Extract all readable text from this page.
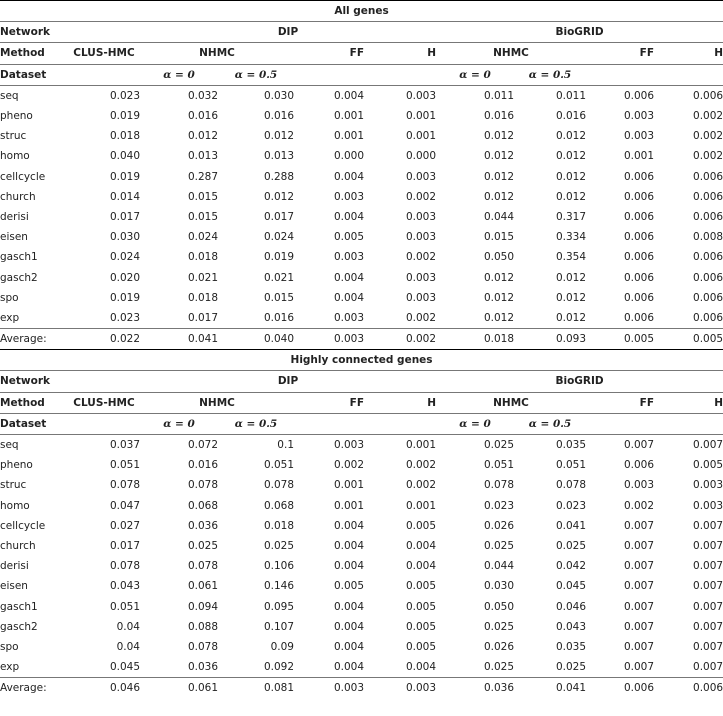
All genes									
Network		DIP				BioGRID			
Method	CLUS-HMC	NHMC		FF	H	NHMC		FF	H
Dataset		α = 0	α = 0.5			α = 0	α = 0.5		
seq	0.023	0.032	0.030	0.004	0.003	0.011	0.011	0.006	0.006
pheno	0.019	0.016	0.016	0.001	0.001	0.016	0.016	0.003	0.002
struc	0.018	0.012	0.012	0.001	0.001	0.012	0.012	0.003	0.002
homo	0.040	0.013	0.013	0.000	0.000	0.012	0.012	0.001	0.002
cellcycle	0.019	0.287	0.288	0.004	0.003	0.012	0.012	0.006	0.006
church	0.014	0.015	0.012	0.003	0.002	0.012	0.012	0.006	0.006
derisi	0.017	0.015	0.017	0.004	0.003	0.044	0.317	0.006	0.006
eisen	0.030	0.024	0.024	0.005	0.003	0.015	0.334	0.006	0.008
gasch1	0.024	0.018	0.019	0.003	0.002	0.050	0.354	0.006	0.006
gasch2	0.020	0.021	0.021	0.004	0.003	0.012	0.012	0.006	0.006
spo	0.019	0.018	0.015	0.004	0.003	0.012	0.012	0.006	0.006
exp	0.023	0.017	0.016	0.003	0.002	0.012	0.012	0.006	0.006
Average:	0.022	0.041	0.040	0.003	0.002	0.018	0.093	0.005	0.005
Highly connected genes									
Network		DIP				BioGRID			
Method	CLUS-HMC	NHMC		FF	H	NHMC		FF	H
Dataset		α = 0	α = 0.5			α = 0	α = 0.5		
seq	0.037	0.072	0.1	0.003	0.001	0.025	0.035	0.007	0.007
pheno	0.051	0.016	0.051	0.002	0.002	0.051	0.051	0.006	0.005
struc	0.078	0.078	0.078	0.001	0.002	0.078	0.078	0.003	0.003
homo	0.047	0.068	0.068	0.001	0.001	0.023	0.023	0.002	0.003
cellcycle	0.027	0.036	0.018	0.004	0.005	0.026	0.041	0.007	0.007
church	0.017	0.025	0.025	0.004	0.004	0.025	0.025	0.007	0.007
derisi	0.078	0.078	0.106	0.004	0.004	0.044	0.042	0.007	0.007
eisen	0.043	0.061	0.146	0.005	0.005	0.030	0.045	0.007	0.007
gasch1	0.051	0.094	0.095	0.004	0.005	0.050	0.046	0.007	0.007
gasch2	0.04	0.088	0.107	0.004	0.005	0.025	0.043	0.007	0.007
spo	0.04	0.078	0.09	0.004	0.005	0.026	0.035	0.007	0.007
exp	0.045	0.036	0.092	0.004	0.004	0.025	0.025	0.007	0.007
Average:	0.046	0.061	0.081	0.003	0.003	0.036	0.041	0.006	0.006
